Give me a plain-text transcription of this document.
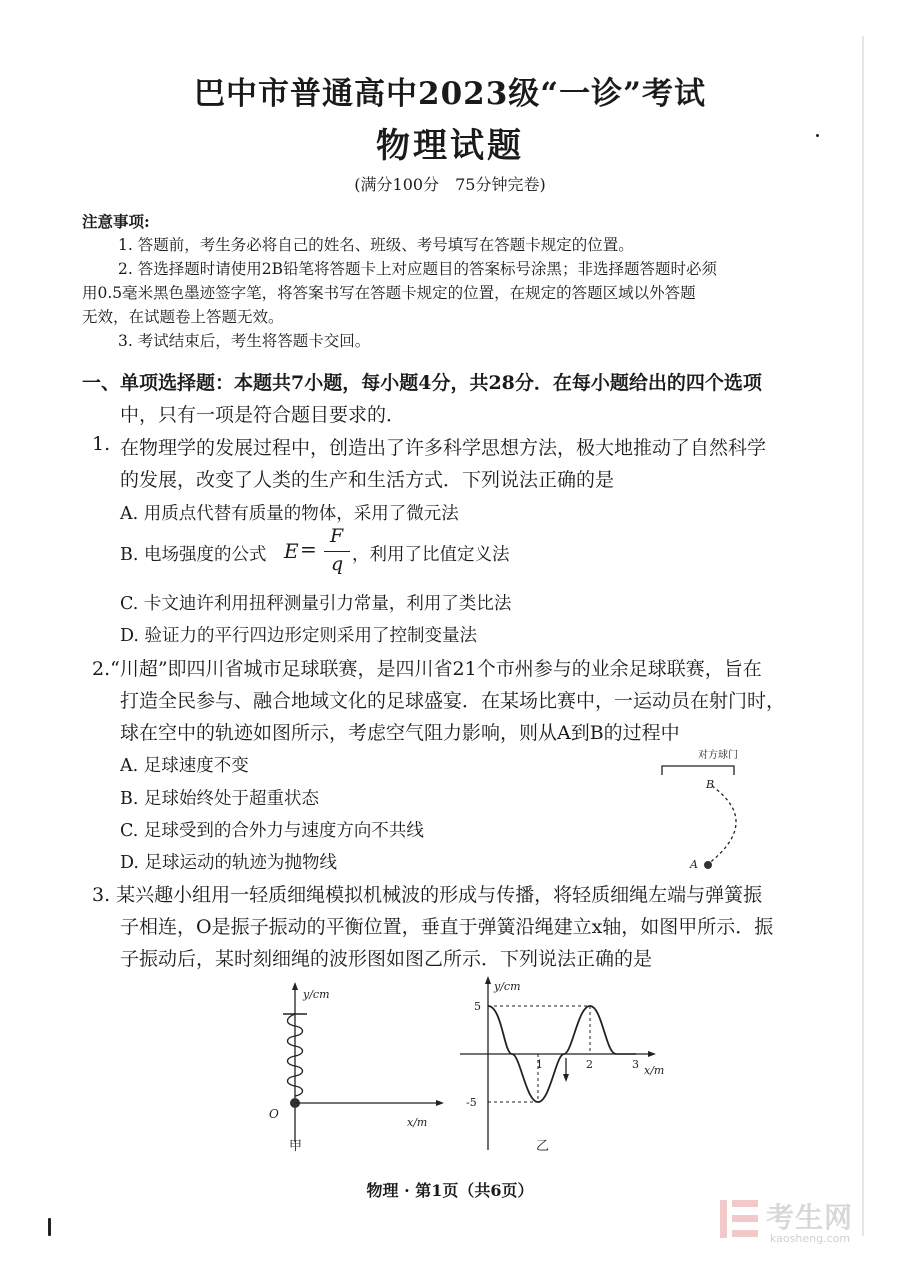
巴中市普通高中2023级“一诊”考试
物理试题
(满分100分　75分钟完卷)
注意事项:
1. 答题前，考生务必将自己的姓名、班级、考号填写在答题卡规定的位置。
2. 答选择题时请使用2B铅笔将答题卡上对应题目的答案标号涂黑；非选择题答题时必须
用0.5毫米黑色墨迹签字笔，将答案书写在答题卡规定的位置，在规定的答题区域以外答题
无效，在试题卷上答题无效。
3. 考试结束后，考生将答题卡交回。
一、单项选择题：本题共7小题，每小题4分，共28分．在每小题给出的四个选项
中，只有一项是符合题目要求的．
1. 在物理学的发展过程中，创造出了许多科学思想方法，极大地推动了自然科学
的发展，改变了人类的生产和生活方式．下列说法正确的是
A. 用质点代替有质量的物体，采用了微元法
B. 电场强度的公式 E =
F
q ，利用了比值定义法
C. 卡文迪许利用扭秤测量引力常量，利用了类比法
D. 验证力的平行四边形定则采用了控制变量法
2.“川超”即四川省城市足球联赛，是四川省21个市州参与的业余足球联赛，旨在
打造全民参与、融合地域文化的足球盛宴．在某场比赛中，一运动员在射门时，
球在空中的轨迹如图所示，考虑空气阻力影响，则从A到B的过程中
A. 足球速度不变
B. 足球始终处于超重状态
C. 足球受到的合外力与速度方向不共线
D. 足球运动的轨迹为抛物线
对方球门
B
A
3. 某兴趣小组用一轻质细绳模拟机械波的形成与传播，将轻质细绳左端与弹簧振
子相连，O是振子振动的平衡位置，垂直于弹簧沿绳建立x轴，如图甲所示．振
子振动后，某时刻细绳的波形图如图乙所示．下列说法正确的是
y/cm
O
x/m
甲
y/cm
x/m
5
-5
1	2	3
乙
物理 · 第1页（共6页）
考生网
kaosheng.com
